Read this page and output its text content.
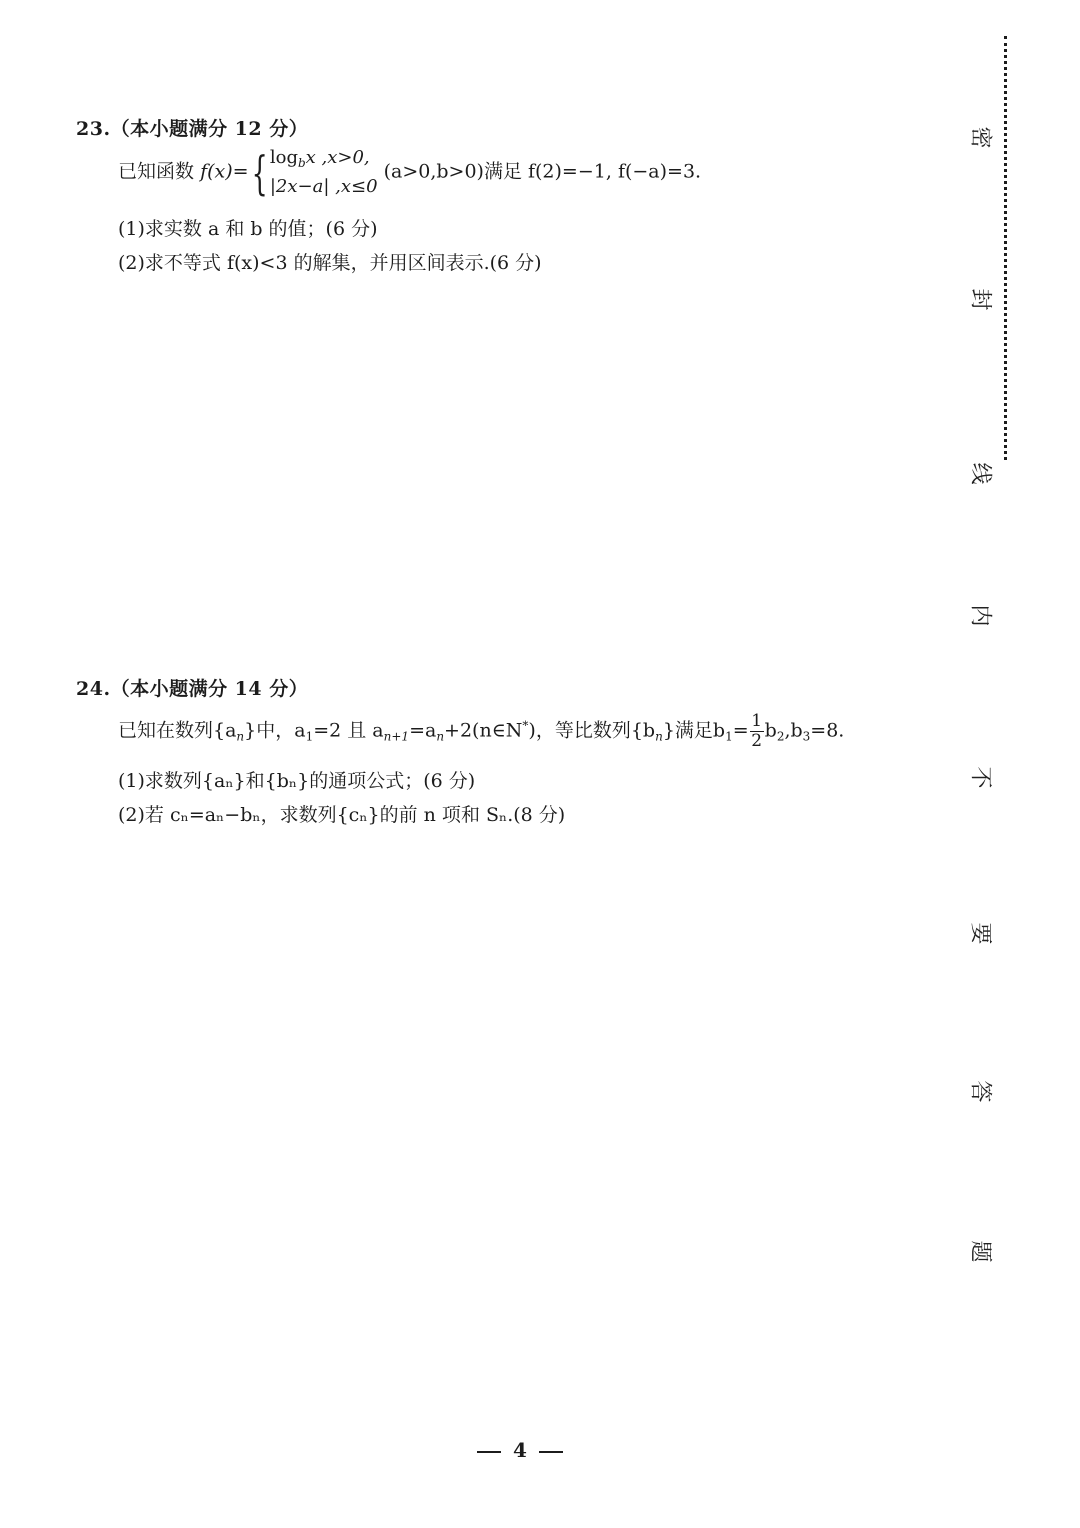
23.（本小题满分 12 分）
已知函数 f(x)={ $\log_bx$ ,x>0,
|2x−a| ,x≤0
(a>0,b>0)满足 f(2)=−1, f(−a)=3.
(1)求实数 a 和 b 的值；(6 分)
(2)求不等式 f(x)<3 的解集，并用区间表示.(6 分)
24.（本小题满分 14 分）
已知在数列$\{a_n\}$中，$a_1=2$ 且 $a_{n+1}=a_n+2(n\in N^*)$，等比数列$\{b_n\}$满足$b_1= \frac{1}{2} b_2,b_3=8$.
(1)求数列{aₙ}和{bₙ}的通项公式；(6 分)
(2)若 cₙ=aₙ−bₙ，求数列{cₙ}的前 n 项和 Sₙ.(8 分)
密
封
线
内
不
要
答
题
4
